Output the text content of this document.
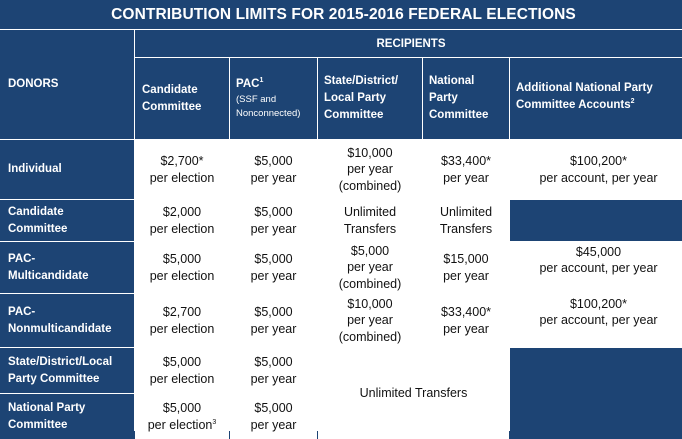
CONTRIBUTION LIMITS FOR 2015-2016 FEDERAL ELECTIONS
DONORS
RECIPIENTS
Candidate
Committee
PAC$^1$
(SSF and
Nonconnected)
State/District/
Local Party
Committee
National
Party
Committee
Additional National Party
Committee Accounts$^2$
Individual
$2,700*
per election
$5,000
per year
$10,000
per year
(combined)
$33,400*
per year
$100,200*
per account, per year
Candidate
Committee
$2,000
per election
$5,000
per year
Unlimited
Transfers
Unlimited
Transfers
PAC-
Multicandidate
$5,000
per election
$5,000
per year
$5,000
per year
(combined)
$15,000
per year
$45,000
per account, per year
PAC-
Nonmulticandidate
$2,700
per election
$5,000
per year
$10,000
per year
(combined)
$33,400*
per year
$100,200*
per account, per year
State/District/Local
Party Committee
$5,000
per election
$5,000
per year
Unlimited Transfers
National Party
Committee
$5,000
per election$^3$
$5,000
per year
